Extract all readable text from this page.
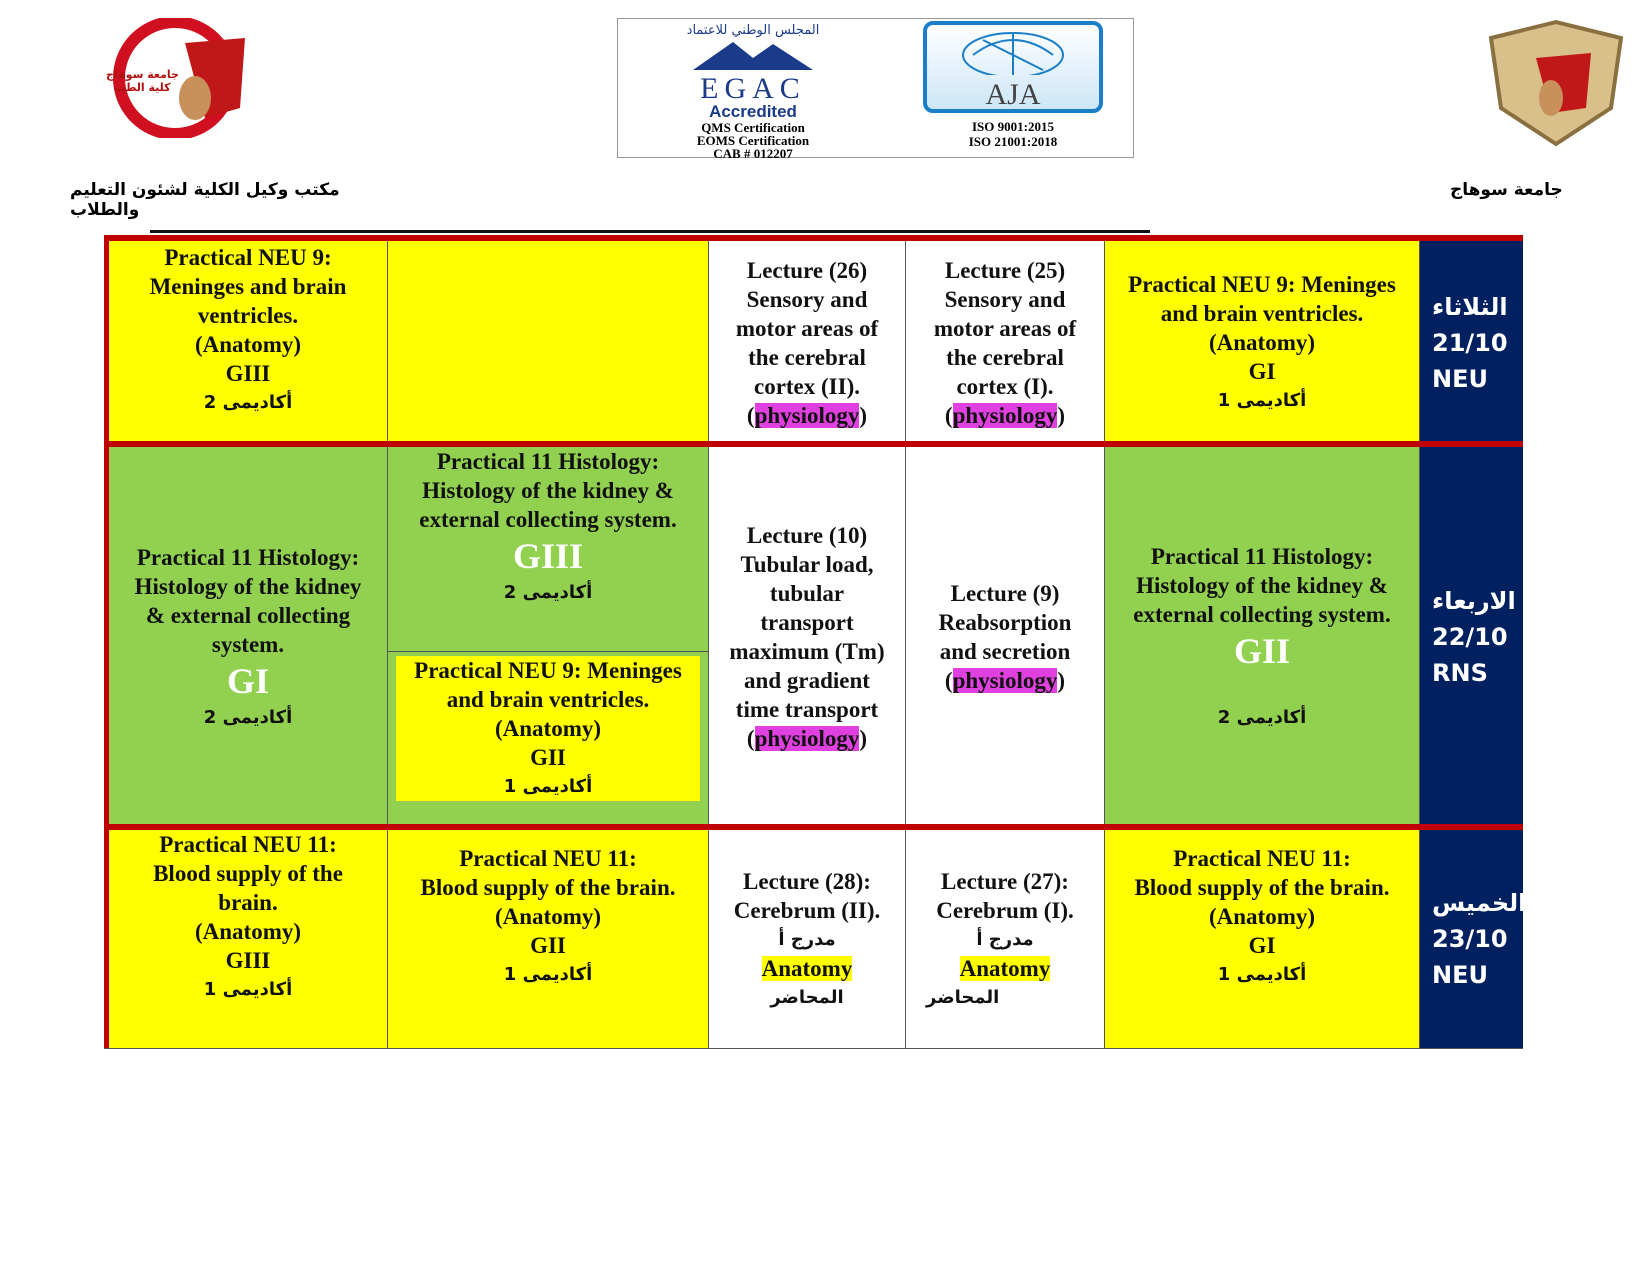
جامعة سوهاج كلية الطب
المجلس الوطني للاعتماد
EGAC
Accredited
QMS Certification
EOMS Certification
CAB # 012207
AJA
ISO 9001:2015
ISO 21001:2018
مكتب وكيل الكلية لشئون التعليم والطلاب
جامعة سوهاج
Practical NEU 9:
Meninges and brain
ventricles.
(Anatomy)
GIII
أكاديمى 2
Lecture (26)
Sensory and
motor areas of
the cerebral
cortex (II).
(physiology)
Lecture (25)
Sensory and
motor areas of
the cerebral
cortex (I).
(physiology)
Practical NEU 9: Meninges
and brain ventricles.
(Anatomy)
GI
أكاديمى 1
الثلاثاء
21/10
NEU
Practical 11 Histology:
Histology of the kidney
& external collecting
system.
GI
أكاديمى 2
Practical 11 Histology:
Histology of the kidney &
external collecting system.
GIII
أكاديمى 2
Practical NEU 9: Meninges
and brain ventricles.
(Anatomy)
GII
أكاديمى 1
Lecture (10)
Tubular load,
tubular
transport
maximum (Tm)
and gradient
time transport
(physiology)
Lecture (9)
Reabsorption
and secretion
(physiology)
Practical 11 Histology:
Histology of the kidney &
external collecting system.
GII
أكاديمى 2
الاربعاء
22/10
RNS
Practical NEU 11:
Blood supply of the
brain.
(Anatomy)
GIII
أكاديمى 1
Practical NEU 11:
Blood supply of the brain.
(Anatomy)
GII
أكاديمى 1
Lecture (28):
Cerebrum (II).
مدرج أ
Anatomy
المحاضر
Lecture (27):
Cerebrum (I).
مدرج أ
Anatomy
المحاضر
Practical NEU 11:
Blood supply of the brain.
(Anatomy)
GI
أكاديمى 1
الخميس
23/10
NEU
